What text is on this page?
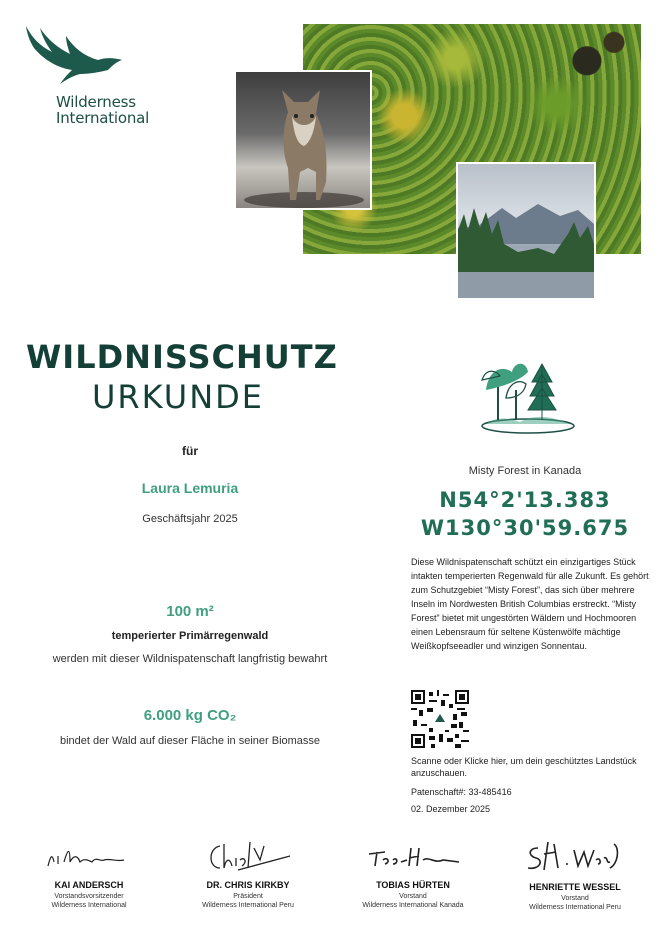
Wilderness
International
WILDNISSCHUTZ
URKUNDE
für
Laura Lemuria
Geschäftsjahr 2025
100 m²
temperierter Primärregenwald
werden mit dieser Wildnispatenschaft langfristig bewahrt
6.000 kg CO₂
bindet der Wald auf dieser Fläche in seiner Biomasse
Misty Forest in Kanada
N54°2'13.383
W130°30'59.675
Diese Wildnispatenschaft schützt ein einzigartiges Stück intakten temperierten Regenwald für alle Zukunft. Es gehört zum Schutzgebiet “Misty Forest”, das sich über mehrere Inseln im Nordwesten British Columbias erstreckt. “Misty Forest” bietet mit ungestörten Wäldern und Hochmooren einen Lebensraum für seltene Küstenwölfe mächtige Weißkopfseeadler und winzigen Sonnentau.
Scanne oder Klicke hier, um dein geschütztes Landstück anzuschauen.
Patenschaft#: 33-485416
02. Dezember 2025
KAI ANDERSCH
Vorstandsvorsitzender
Wilderness International
DR. CHRIS KIRKBY
Präsident
Wilderness International Peru
TOBIAS HÜRTEN
Vorstand
Wilderness International Kanada
HENRIETTE WESSEL
Vorstand
Wilderness International Peru
